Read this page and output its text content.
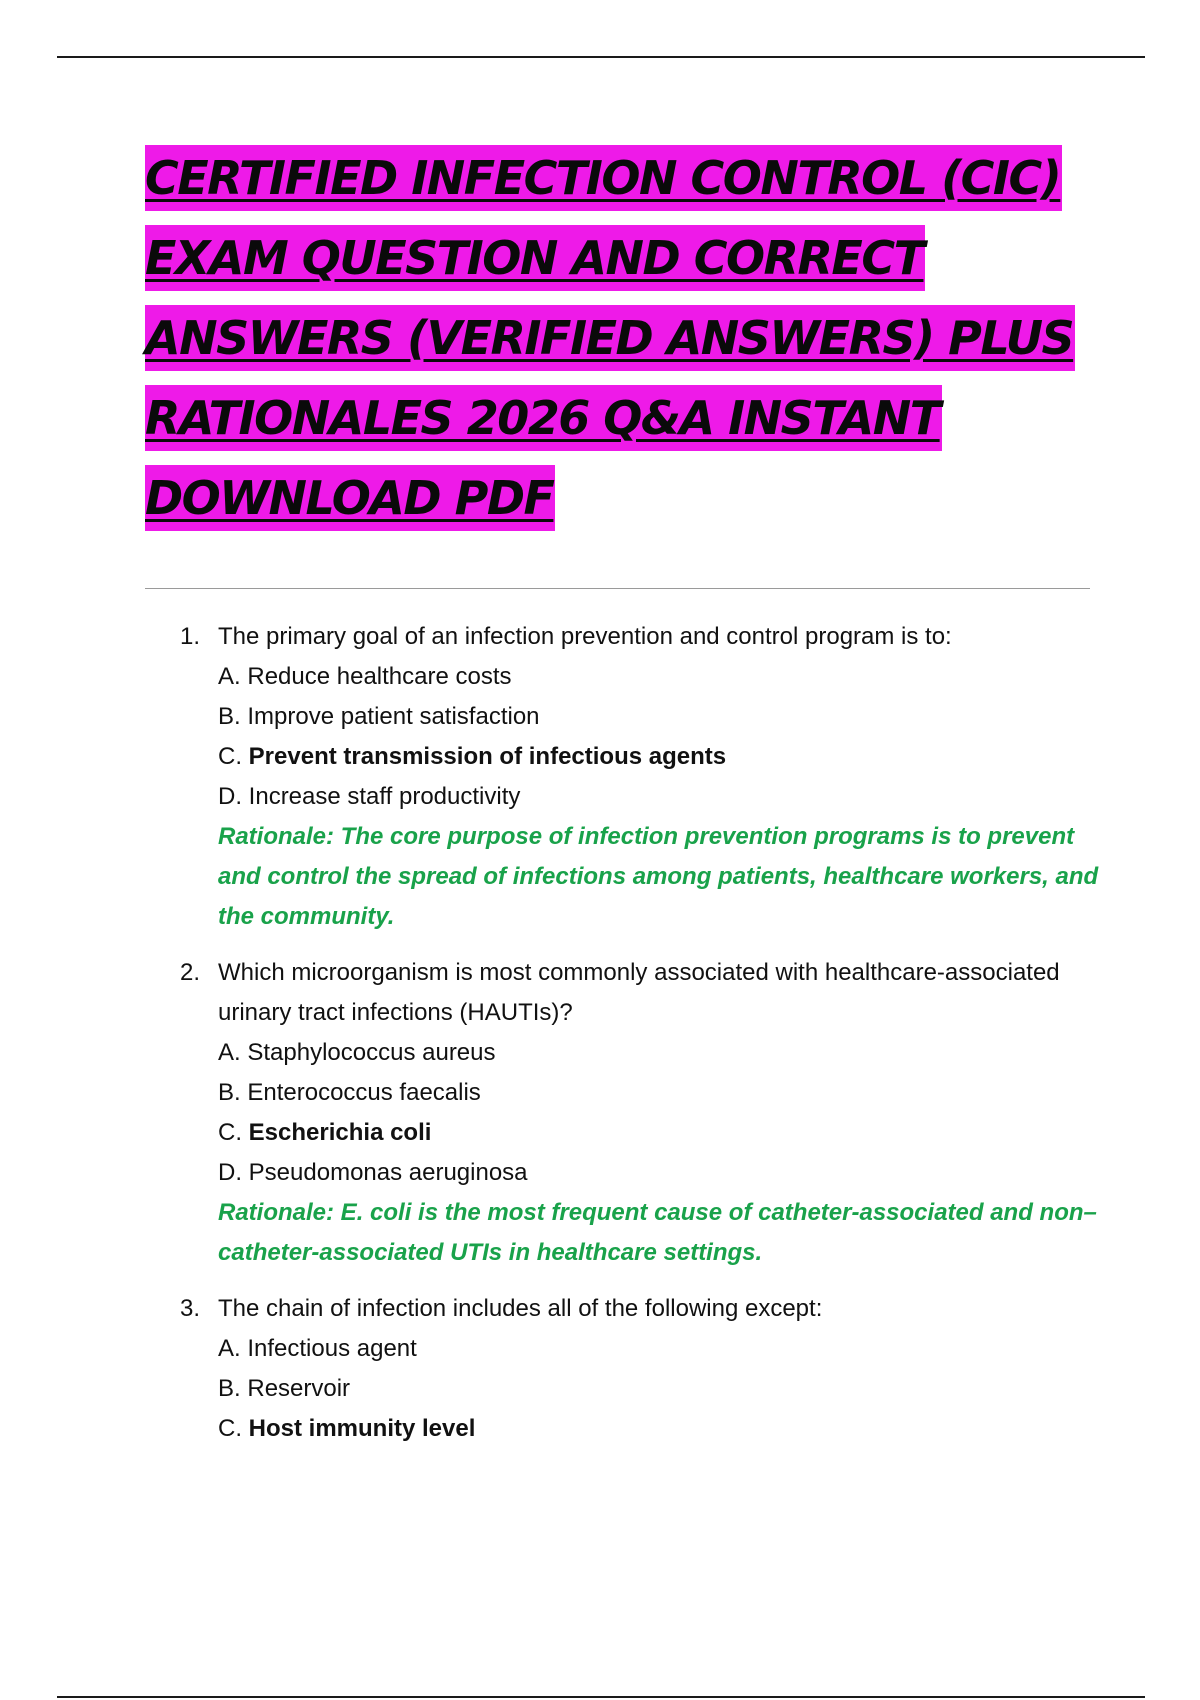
CERTIFIED INFECTION CONTROL (CIC)
EXAM QUESTION AND CORRECT
ANSWERS (VERIFIED ANSWERS) PLUS
RATIONALES 2026 Q&A INSTANT
DOWNLOAD PDF
1. The primary goal of an infection prevention and control program is to:

A. Reduce healthcare costs

B. Improve patient satisfaction

C. Prevent transmission of infectious agents

D. Increase staff productivity

Rationale: The core purpose of infection prevention programs is to prevent and control the spread of infections among patients, healthcare workers, and the community.

2. Which microorganism is most commonly associated with healthcare-associated urinary tract infections (HAUTIs)?

A. Staphylococcus aureus

B. Enterococcus faecalis

C. Escherichia coli

D. Pseudomonas aeruginosa

Rationale: E. coli is the most frequent cause of catheter-associated and non–catheter-associated UTIs in healthcare settings.

3. The chain of infection includes all of the following except:

A. Infectious agent

B. Reservoir

C. Host immunity level
